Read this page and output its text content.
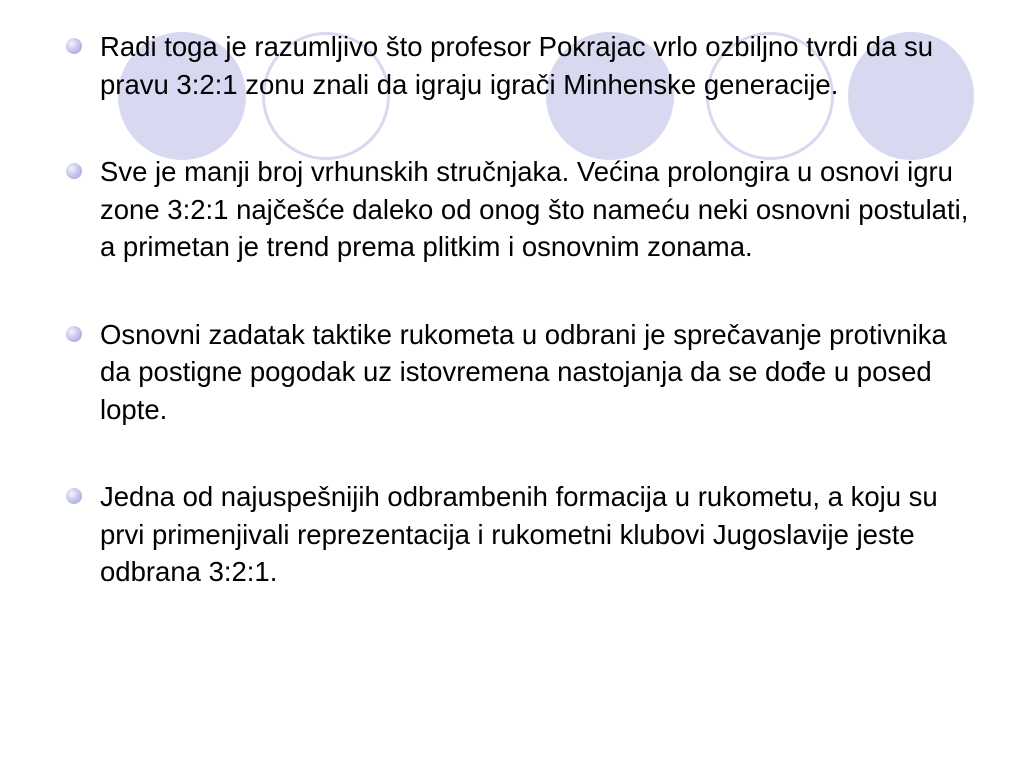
Radi toga je razumljivo što profesor Pokrajac vrlo ozbiljno tvrdi da su pravu 3:2:1 zonu znali da igraju igrači Minhenske generacije.
Sve je manji broj vrhunskih stručnjaka. Većina prolongira u osnovi igru zone 3:2:1 najčešće daleko od onog što nameću neki osnovni postulati, a primetan je trend prema plitkim i osnovnim zonama.
Osnovni zadatak taktike rukometa u odbrani je sprečavanje protivnika da postigne pogodak uz istovremena nastojanja da se dođe u posed lopte.
Jedna od najuspešnijih odbrambenih formacija u rukometu, a koju su prvi primenjivali reprezentacija i rukometni klubovi Jugoslavije jeste odbrana 3:2:1.
